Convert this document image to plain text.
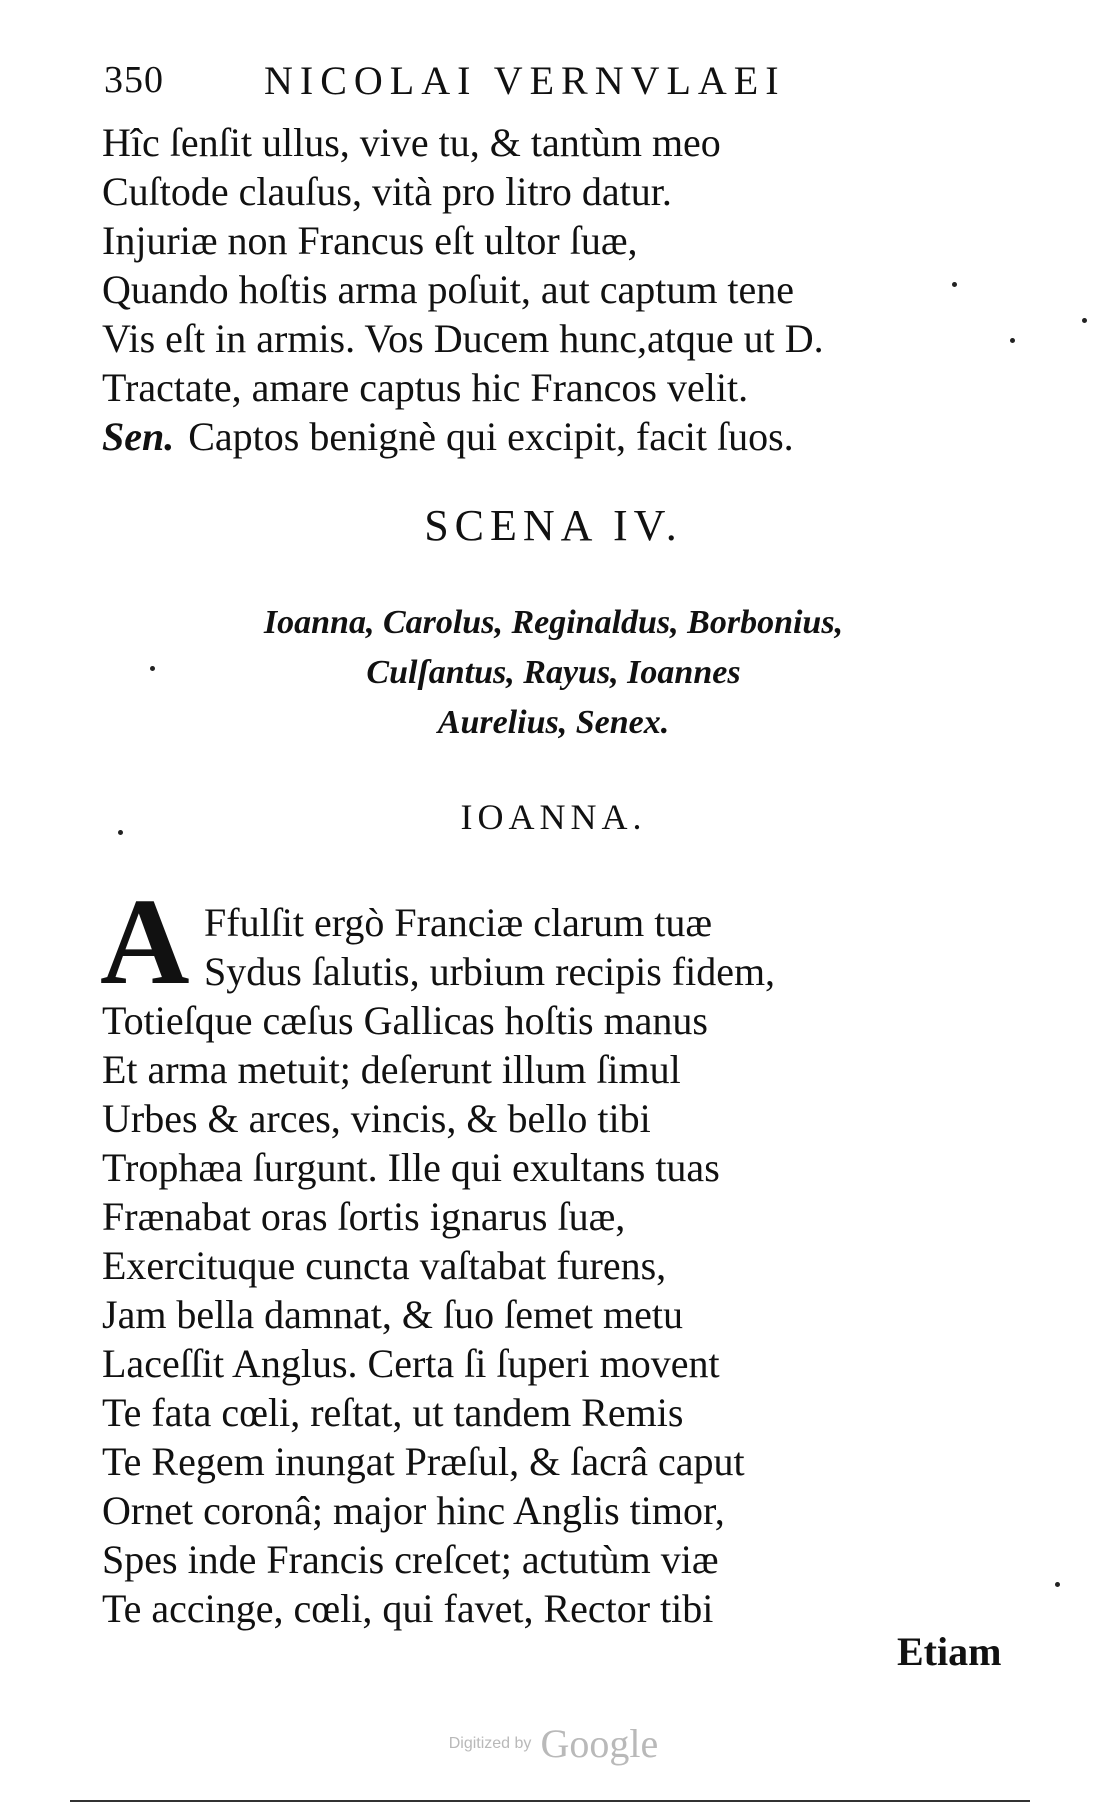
350	NICOLAI VERNVLAEI
Hîc ſenſit ullus, vive tu, & tantùm meo
Cuſtode clauſus, vità pro litro datur.
Injuriæ non Francus eſt ultor ſuæ,
Quando hoſtis arma poſuit, aut captum tene
Vis eſt in armis. Vos Ducem hunc,atque ut D.
Tractate, amare captus hic Francos velit.
Sen. Captos benignè qui excipit, facit ſuos.
SCENA IV.
Ioanna, Carolus, Reginaldus, Borbonius,
Culſantus, Rayus, Ioannes
Aurelius, Senex.
IOANNA.
A Ffulſit ergò Franciæ clarum tuæ
Sydus ſalutis, urbium recipis fidem,
Totieſque cæſus Gallicas hoſtis manus
Et arma metuit; deſerunt illum ſimul
Urbes & arces, vincis, & bello tibi
Trophæa ſurgunt. Ille qui exultans tuas
Frænabat oras ſortis ignarus ſuæ,
Exercituque cuncta vaſtabat furens,
Jam bella damnat, & ſuo ſemet metu
Laceſſit Anglus. Certa ſi ſuperi movent
Te fata cœli, reſtat, ut tandem Remis
Te Regem inungat Præſul, & ſacrâ caput
Ornet coronâ; major hinc Anglis timor,
Spes inde Francis creſcet; actutùm viæ
Te accinge, cœli, qui favet, Rector tibi
Etiam
Digitized by Google
